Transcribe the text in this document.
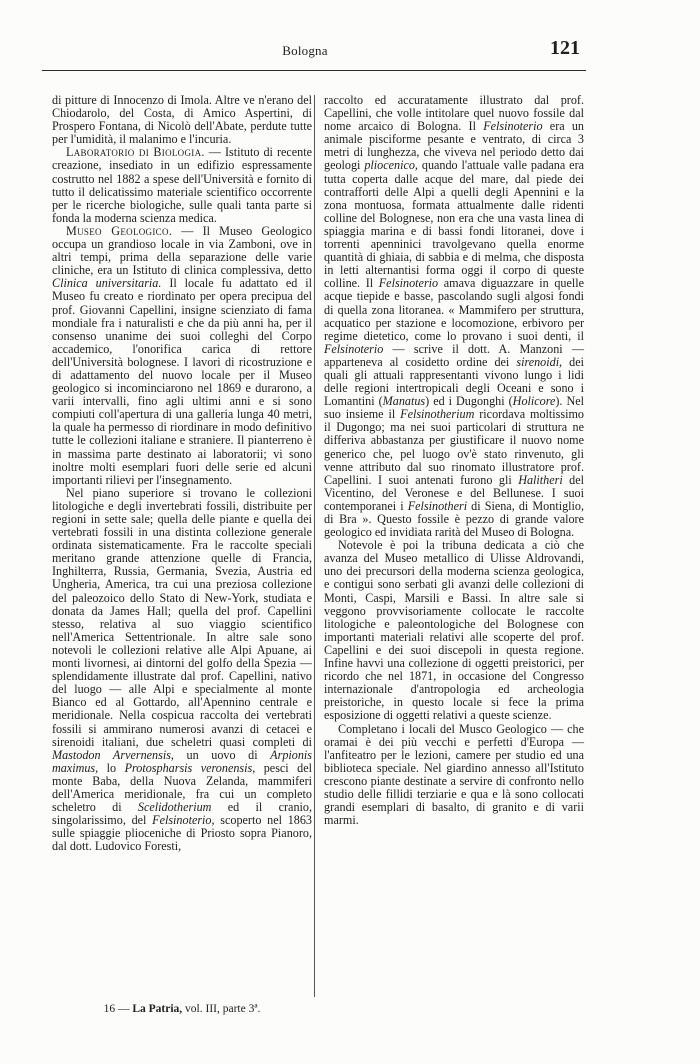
Bologna	121

di pitture di Innocenzo di Imola. Altre ve n'erano del Chiodarolo, del Costa, di Amico Aspertini, di Prospero Fontana, di Nicolò dell'Abate, perdute tutte per l'umidità, il malanimo e l'incuria.

Laboratorio di Biologia. — Istituto di recente creazione, insediato in un edifizio espressamente costrutto nel 1882 a spese dell'Università e fornito di tutto il delicatissimo materiale scientifico occorrente per le ricerche biologiche, sulle quali tanta parte si fonda la moderna scienza medica.

Museo Geologico. — Il Museo Geologico occupa un grandioso locale in via Zamboni, ove in altri tempi, prima della separazione delle varie cliniche, era un Istituto di clinica complessiva, detto Clinica universitaria. Il locale fu adattato ed il Museo fu creato e riordinato per opera precipua del prof. Giovanni Capellini, insigne scienziato di fama mondiale fra i naturalisti e che da più anni ha, per il consenso unanime dei suoi colleghi del Corpo accademico, l'onorifica carica di rettore dell'Università bolognese. I lavori di ricostruzione e di adattamento del nuovo locale per il Museo geologico si incominciarono nel 1869 e durarono, a varii intervalli, fino agli ultimi anni e si sono compiuti coll'apertura di una galleria lunga 40 metri, la quale ha permesso di riordinare in modo definitivo tutte le collezioni italiane e straniere. Il pianterreno è in massima parte destinato ai laboratorii; vi sono inoltre molti esemplari fuori delle serie ed alcuni importanti rilievi per l'insegnamento.

Nel piano superiore si trovano le collezioni litologiche e degli invertebrati fossili, distribuite per regioni in sette sale; quella delle piante e quella dei vertebrati fossili in una distinta collezione generale ordinata sistematicamente. Fra le raccolte speciali meritano grande attenzione quelle di Francia, Inghilterra, Russia, Germania, Svezia, Austria ed Ungheria, America, tra cui una preziosa collezione del paleozoico dello Stato di New-York, studiata e donata da James Hall; quella del prof. Capellini stesso, relativa al suo viaggio scientifico nell'America Settentrionale. In altre sale sono notevoli le collezioni relative alle Alpi Apuane, ai monti livornesi, ai dintorni del golfo della Spezia — splendidamente illustrate dal prof. Capellini, nativo del luogo — alle Alpi e specialmente al monte Bianco ed al Gottardo, all'Apennino centrale e meridionale. Nella cospicua raccolta dei vertebrati fossili si ammirano numerosi avanzi di cetacei e sirenoidi italiani, due scheletri quasi completi di Mastodon Arvernensis, un uovo di Arpionis maximus, lo Protospharsis veronensis, pesci del monte Baba, della Nuova Zelanda, mammiferi dell'America meridionale, fra cui un completo scheletro di Scelidotherium ed il cranio, singolarissimo, del Felsinoterio, scoperto nel 1863 sulle spiaggie plioceniche di Priosto sopra Pianoro, dal dott. Ludovico Foresti,

raccolto ed accuratamente illustrato dal prof. Capellini, che volle intitolare quel nuovo fossile dal nome arcaico di Bologna. Il Felsinoterio era un animale pisciforme pesante e ventrato, di circa 3 metri di lunghezza, che viveva nel periodo detto dai geologi pliocenico, quando l'attuale valle padana era tutta coperta dalle acque del mare, dal piede dei contrafforti delle Alpi a quelli degli Apennini e la zona montuosa, formata attualmente dalle ridenti colline del Bolognese, non era che una vasta linea di spiaggia marina e di bassi fondi litoranei, dove i torrenti apenninici travolgevano quella enorme quantità di ghiaia, di sabbia e di melma, che disposta in letti alternantisi forma oggi il corpo di queste colline. Il Felsinoterio amava diguazzare in quelle acque tiepide e basse, pascolando sugli algosi fondi di quella zona litoranea. « Mammifero per struttura, acquatico per stazione e locomozione, erbivoro per regime dietetico, come lo provano i suoi denti, il Felsinoterio — scrive il dott. A. Manzoni — apparteneva al cosidetto ordine dei sirenoidi, dei quali gli attuali rappresentanti vivono lungo i lidi delle regioni intertropicali degli Oceani e sono i Lomantini (Manatus) ed i Dugonghi (Holicore). Nel suo insieme il Felsinotherium ricordava moltissimo il Dugongo; ma nei suoi particolari di struttura ne differiva abbastanza per giustificare il nuovo nome generico che, pel luogo ov'è stato rinvenuto, gli venne attributo dal suo rinomato illustratore prof. Capellini. I suoi antenati furono gli Halitheri del Vicentino, del Veronese e del Bellunese. I suoi contemporanei i Felsinotheri di Siena, di Montiglio, di Bra ». Questo fossile è pezzo di grande valore geologico ed invidiata rarità del Museo di Bologna.

Notevole è poi la tribuna dedicata a ciò che avanza del Museo metallico di Ulisse Aldrovandi, uno dei precursori della moderna scienza geologica, e contigui sono serbati gli avanzi delle collezioni di Monti, Caspi, Marsili e Bassi. In altre sale si veggono provvisoriamente collocate le raccolte litologiche e paleontologiche del Bolognese con importanti materiali relativi alle scoperte del prof. Capellini e dei suoi discepoli in questa regione. Infine havvi una collezione di oggetti preistorici, per ricordo che nel 1871, in occasione del Congresso internazionale d'antropologia ed archeologia preistoriche, in questo locale si fece la prima esposizione di oggetti relativi a queste scienze.

Completano i locali del Musco Geologico — che oramai è dei più vecchi e perfetti d'Europa — l'anfiteatro per le lezioni, camere per studio ed una biblioteca speciale. Nel giardino annesso all'Istituto crescono piante destinate a servire di confronto nello studio delle fillidi terziarie e qua e là sono collocati grandi esemplari di basalto, di granito e di varii marmi.

16 — La Patria, vol. III, parte 3ª.
